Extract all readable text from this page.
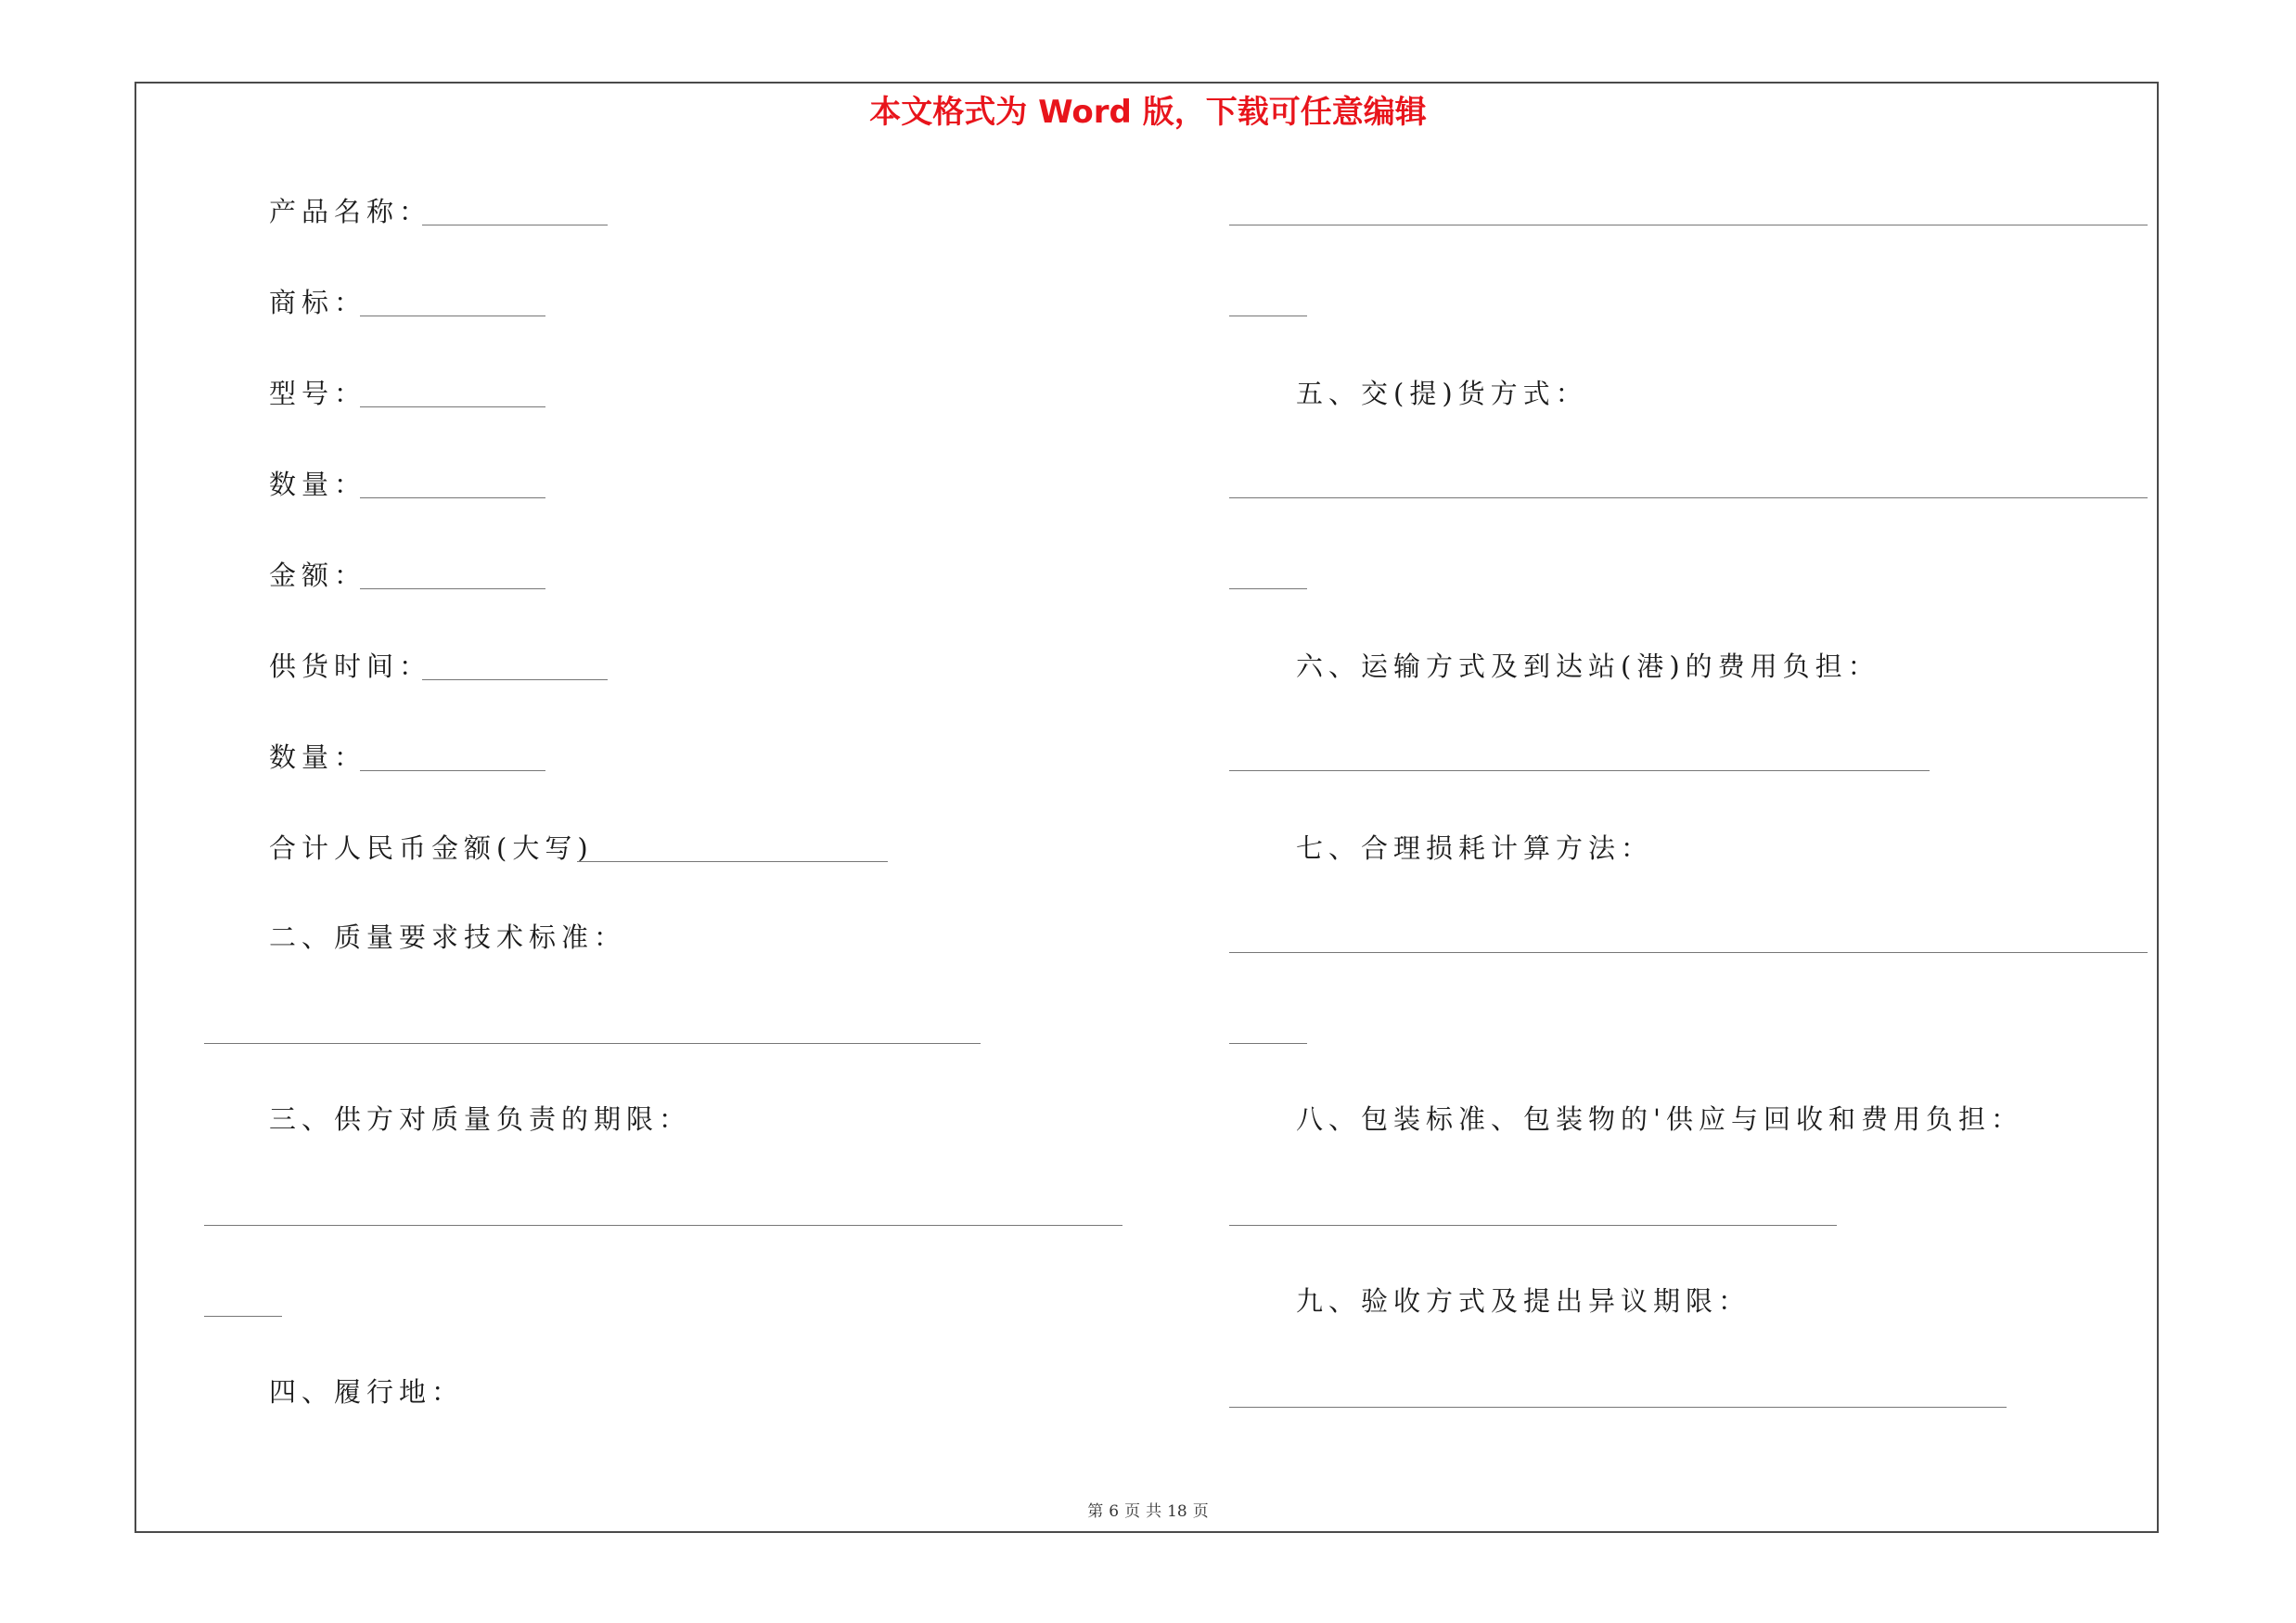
本文格式为 Word 版，下载可任意编辑
产品名称：
商标：
型号：
数量：
金额：
供货时间：
数量：
合计人民币金额(大写)
二、质量要求技术标准：
三、供方对质量负责的期限：
四、履行地：
五、交(提)货方式：
六、运输方式及到达站(港)的费用负担：
七、合理损耗计算方法：
八、包装标准、包装物的'供应与回收和费用负担：
九、验收方式及提出异议期限：
第 6 页 共 18 页
